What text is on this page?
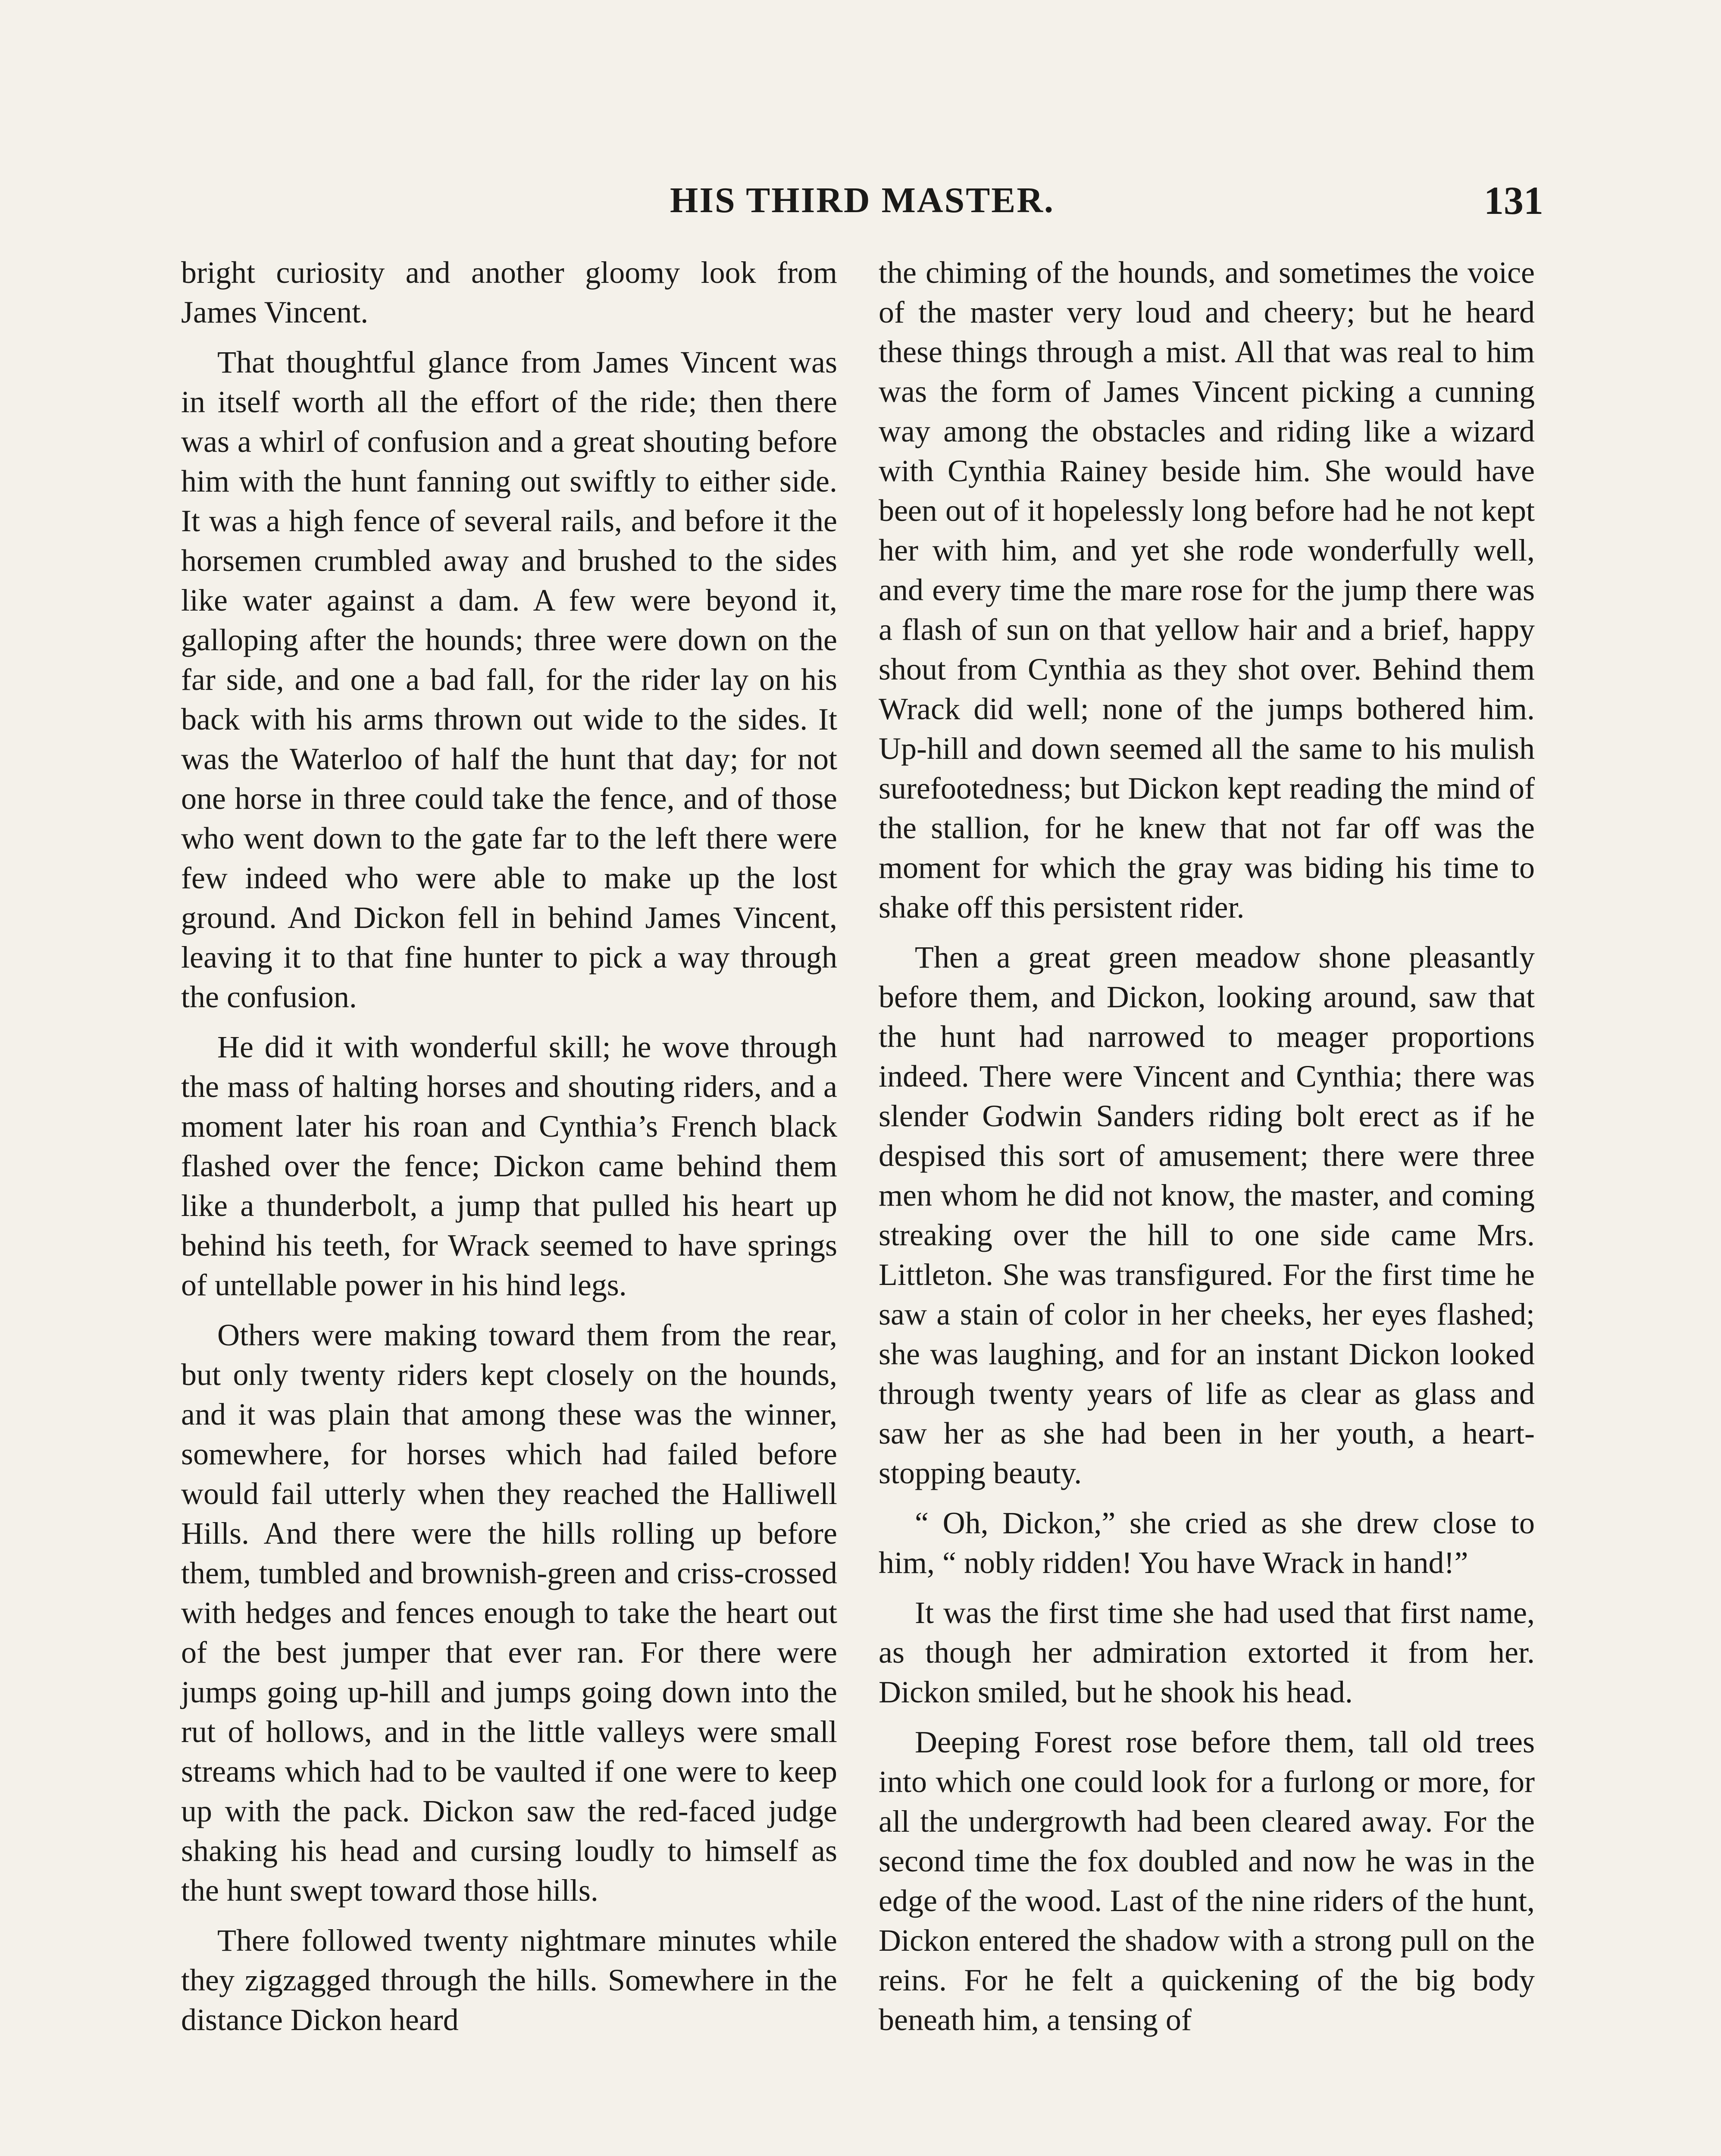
HIS THIRD MASTER.	131

bright curiosity and another gloomy look from James Vincent.

That thoughtful glance from James Vincent was in itself worth all the effort of the ride; then there was a whirl of confusion and a great shouting before him with the hunt fanning out swiftly to either side. It was a high fence of several rails, and before it the horsemen crumbled away and brushed to the sides like water against a dam. A few were beyond it, galloping after the hounds; three were down on the far side, and one a bad fall, for the rider lay on his back with his arms thrown out wide to the sides. It was the Waterloo of half the hunt that day; for not one horse in three could take the fence, and of those who went down to the gate far to the left there were few indeed who were able to make up the lost ground. And Dickon fell in behind James Vincent, leaving it to that fine hunter to pick a way through the confusion.

He did it with wonderful skill; he wove through the mass of halting horses and shouting riders, and a moment later his roan and Cynthia’s French black flashed over the fence; Dickon came behind them like a thunderbolt, a jump that pulled his heart up behind his teeth, for Wrack seemed to have springs of untellable power in his hind legs.

Others were making toward them from the rear, but only twenty riders kept closely on the hounds, and it was plain that among these was the winner, somewhere, for horses which had failed before would fail utterly when they reached the Halliwell Hills. And there were the hills rolling up before them, tumbled and brownish-green and criss-crossed with hedges and fences enough to take the heart out of the best jumper that ever ran. For there were jumps going up-hill and jumps going down into the rut of hollows, and in the little valleys were small streams which had to be vaulted if one were to keep up with the pack. Dickon saw the red-faced judge shaking his head and cursing loudly to himself as the hunt swept toward those hills.

There followed twenty nightmare minutes while they zigzagged through the hills. Somewhere in the distance Dickon heard

the chiming of the hounds, and sometimes the voice of the master very loud and cheery; but he heard these things through a mist. All that was real to him was the form of James Vincent picking a cunning way among the obstacles and riding like a wizard with Cynthia Rainey beside him. She would have been out of it hopelessly long before had he not kept her with him, and yet she rode wonderfully well, and every time the mare rose for the jump there was a flash of sun on that yellow hair and a brief, happy shout from Cynthia as they shot over. Behind them Wrack did well; none of the jumps bothered him. Up-hill and down seemed all the same to his mulish surefootedness; but Dickon kept reading the mind of the stallion, for he knew that not far off was the moment for which the gray was biding his time to shake off this persistent rider.

Then a great green meadow shone pleasantly before them, and Dickon, looking around, saw that the hunt had narrowed to meager proportions indeed. There were Vincent and Cynthia; there was slender Godwin Sanders riding bolt erect as if he despised this sort of amusement; there were three men whom he did not know, the master, and coming streaking over the hill to one side came Mrs. Littleton. She was transfigured. For the first time he saw a stain of color in her cheeks, her eyes flashed; she was laughing, and for an instant Dickon looked through twenty years of life as clear as glass and saw her as she had been in her youth, a heart-stopping beauty.

“ Oh, Dickon,” she cried as she drew close to him, “ nobly ridden! You have Wrack in hand!”

It was the first time she had used that first name, as though her admiration extorted it from her. Dickon smiled, but he shook his head.

Deeping Forest rose before them, tall old trees into which one could look for a furlong or more, for all the undergrowth had been cleared away. For the second time the fox doubled and now he was in the edge of the wood. Last of the nine riders of the hunt, Dickon entered the shadow with a strong pull on the reins. For he felt a quickening of the big body beneath him, a tensing of
